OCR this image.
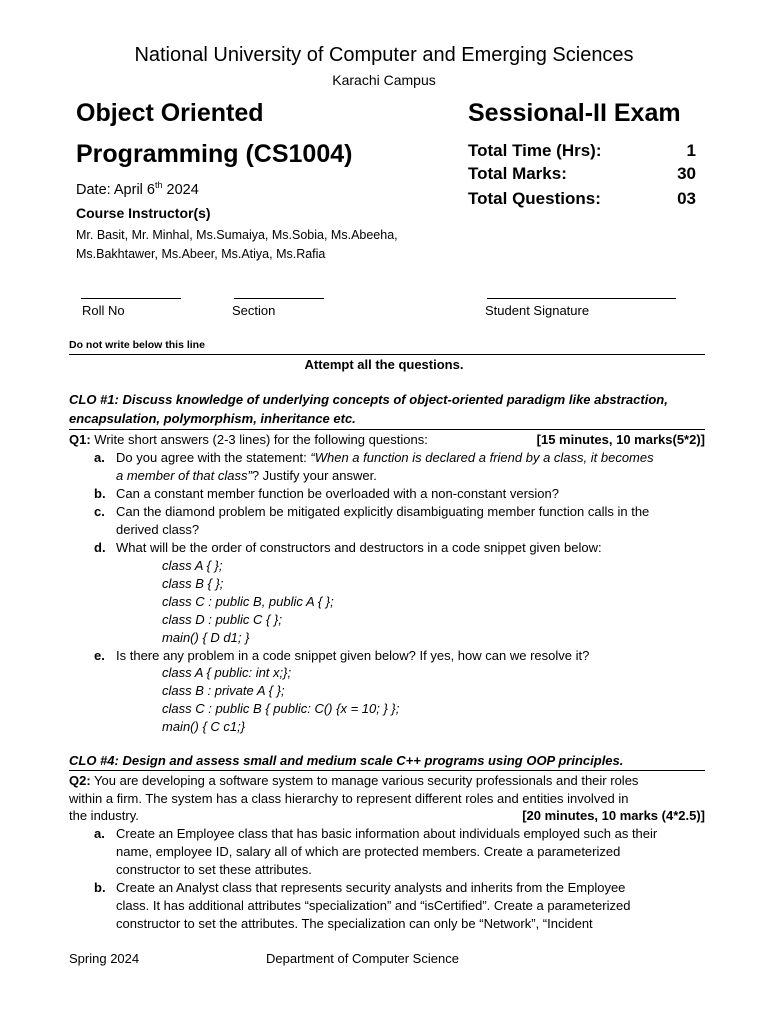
National University of Computer and Emerging Sciences
Karachi Campus
Object Oriented
Programming (CS1004)
Sessional-II Exam
Total Time (Hrs):	1
Total Marks:	30
Total Questions:	03
Date: April 6th 2024
Course Instructor(s)
Mr. Basit, Mr. Minhal, Ms.Sumaiya, Ms.Sobia, Ms.Abeeha,
Ms.Bakhtawer, Ms.Abeer, Ms.Atiya, Ms.Rafia
Roll No	Section	Student Signature
Do not write below this line
Attempt all the questions.
CLO #1: Discuss knowledge of underlying concepts of object-oriented paradigm like abstraction, encapsulation, polymorphism, inheritance etc.
Q1: Write short answers (2-3 lines) for the following questions:	[15 minutes, 10 marks(5*2)]
a. Do you agree with the statement: “When a function is declared a friend by a class, it becomes
a member of that class”? Justify your answer.
b. Can a constant member function be overloaded with a non-constant version?
c. Can the diamond problem be mitigated explicitly disambiguating member function calls in the
derived class?
d. What will be the order of constructors and destructors in a code snippet given below:
class A { };
class B { };
class C : public B, public A { };
class D : public C { };
main() { D d1; }
e. Is there any problem in a code snippet given below? If yes, how can we resolve it?
class A { public: int x;};
class B : private A { };
class C : public B { public: C() {x = 10; } };
main() { C c1;}
CLO #4: Design and assess small and medium scale C++ programs using OOP principles.
Q2: You are developing a software system to manage various security professionals and their roles
within a firm. The system has a class hierarchy to represent different roles and entities involved in
the industry.	[20 minutes, 10 marks (4*2.5)]
a. Create an Employee class that has basic information about individuals employed such as their
name, employee ID, salary all of which are protected members. Create a parameterized
constructor to set these attributes.
b. Create an Analyst class that represents security analysts and inherits from the Employee
class. It has additional attributes “specialization” and “isCertified”. Create a parameterized
constructor to set the attributes. The specialization can only be “Network”, “Incident
Spring 2024	Department of Computer Science
